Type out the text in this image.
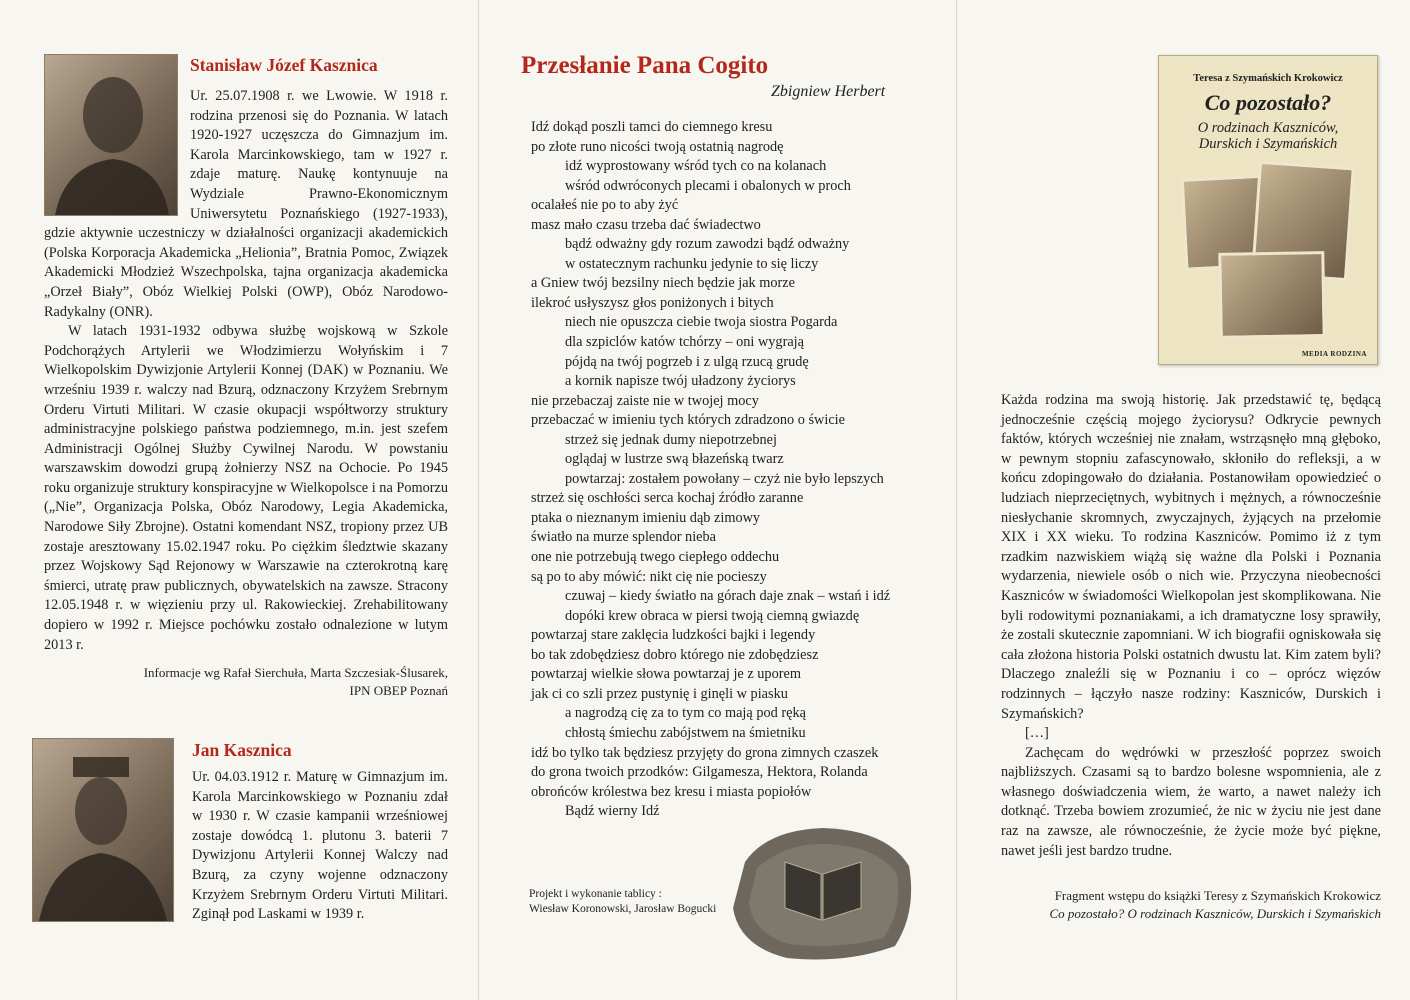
Stanisław Józef Kasznica

Ur. 25.07.1908 r. we Lwowie. W 1918 r. rodzina przenosi się do Poznania. W latach 1920-1927 uczęszcza do Gimnazjum im. Karola Marcinkowskiego, tam w 1927 r. zdaje maturę. Naukę kontynuuje na Wydziale Prawno-Ekonomicznym Uniwersytetu Poznańskiego (1927-1933), gdzie aktywnie uczestniczy w działalności organizacji akademickich (Polska Korporacja Akademicka „Helionia”, Bratnia Pomoc, Związek Akademicki Młodzież Wszechpolska, tajna organizacja akademicka „Orzeł Biały”, Obóz Wielkiej Polski (OWP), Obóz Narodowo-Radykalny (ONR).

W latach 1931-1932 odbywa służbę wojskową w Szkole Podchorążych Artylerii we Włodzimierzu Wołyńskim i 7 Wielkopolskim Dywizjonie Artylerii Konnej (DAK) w Poznaniu. We wrześniu 1939 r. walczy nad Bzurą, odznaczony Krzyżem Srebrnym Orderu Virtuti Militari. W czasie okupacji współtworzy struktury administracyjne polskiego państwa podziemnego, m.in. jest szefem Administracji Ogólnej Służby Cywilnej Narodu. W powstaniu warszawskim dowodzi grupą żołnierzy NSZ na Ochocie. Po 1945 roku organizuje struktury konspiracyjne w Wielkopolsce i na Pomorzu („Nie”, Organizacja Polska, Obóz Narodowy, Legia Akademicka, Narodowe Siły Zbrojne). Ostatni komendant NSZ, tropiony przez UB zostaje aresztowany 15.02.1947 roku. Po ciężkim śledztwie skazany przez Wojskowy Sąd Rejonowy w Warszawie na czterokrotną karę śmierci, utratę praw publicznych, obywatelskich na zawsze. Stracony 12.05.1948 r. w więzieniu przy ul. Rakowieckiej. Zrehabilitowany dopiero w 1992 r. Miejsce pochówku zostało odnalezione w lutym 2013 r.

Informacje wg Rafał Sierchuła, Marta Szczesiak-Ślusarek,
IPN OBEP Poznań
Jan Kasznica

Ur. 04.03.1912 r. Maturę w Gimnazjum im. Karola Marcinkowskiego w Poznaniu zdał w 1930 r. W czasie kampanii wrześniowej zostaje dowódcą 1. plutonu 3. baterii 7 Dywizjonu Artylerii Konnej Walczy nad Bzurą, za czyny wojenne odznaczony Krzyżem Srebrnym Orderu Virtuti Militari. Zginął pod Laskami w 1939 r.

Przesłanie Pana Cogito
Zbigniew Herbert
Idź dokąd poszli tamci do ciemnego kresu
po złote runo nicości twoją ostatnią nagrodę
idź wyprostowany wśród tych co na kolanach
wśród odwróconych plecami i obalonych w proch
ocalałeś nie po to aby żyć
masz mało czasu trzeba dać świadectwo
bądź odważny gdy rozum zawodzi bądź odważny
w ostatecznym rachunku jedynie to się liczy
a Gniew twój bezsilny niech będzie jak morze
ilekroć usłyszysz głos poniżonych i bitych
niech nie opuszcza ciebie twoja siostra Pogarda
dla szpiclów katów tchórzy – oni wygrają
pójdą na twój pogrzeb i z ulgą rzucą grudę
a kornik napisze twój uładzony życiorys
nie przebaczaj zaiste nie w twojej mocy
przebaczać w imieniu tych których zdradzono o świcie
strzeż się jednak dumy niepotrzebnej
oglądaj w lustrze swą błazeńską twarz
powtarzaj: zostałem powołany – czyż nie było lepszych
strzeż się oschłości serca kochaj źródło zaranne
ptaka o nieznanym imieniu dąb zimowy
światło na murze splendor nieba
one nie potrzebują twego ciepłego oddechu
są po to aby mówić: nikt cię nie pocieszy
czuwaj – kiedy światło na górach daje znak – wstań i idź
dopóki krew obraca w piersi twoją ciemną gwiazdę
powtarzaj stare zaklęcia ludzkości bajki i legendy
bo tak zdobędziesz dobro którego nie zdobędziesz
powtarzaj wielkie słowa powtarzaj je z uporem
jak ci co szli przez pustynię i ginęli w piasku
a nagrodzą cię za to tym co mają pod ręką
chłostą śmiechu zabójstwem na śmietniku
idź bo tylko tak będziesz przyjęty do grona zimnych czaszek
do grona twoich przodków: Gilgamesza, Hektora, Rolanda
obrońców królestwa bez kresu i miasta popiołów
Bądź wierny Idź
Projekt i wykonanie tablicy :
Wiesław Koronowski, Jarosław Bogucki
Teresa z Szymańskich Krokowicz
Co pozostało?
O rodzinach Kaszniców,
Durskich i Szymańskich
MEDIA RODZINA

Każda rodzina ma swoją historię. Jak przedstawić tę, będącą jednocześnie częścią mojego życiorysu? Odkrycie pewnych faktów, których wcześniej nie znałam, wstrząsnęło mną głęboko, w pewnym stopniu zafascynowało, skłoniło do refleksji, a w końcu zdopingowało do działania. Postanowiłam opowiedzieć o ludziach nieprzeciętnych, wybitnych i mężnych, a równocześnie niesłychanie skromnych, zwyczajnych, żyjących na przełomie XIX i XX wieku. To rodzina Kaszniców. Pomimo iż z tym rzadkim nazwiskiem wiążą się ważne dla Polski i Poznania wydarzenia, niewiele osób o nich wie. Przyczyna nieobecności Kaszniców w świadomości Wielkopolan jest skomplikowana. Nie byli rodowitymi poznaniakami, a ich dramatyczne losy sprawiły, że zostali skutecznie zapomniani. W ich biografii ogniskowała się cała złożona historia Polski ostatnich dwustu lat. Kim zatem byli? Dlaczego znaleźli się w Poznaniu i co – oprócz więzów rodzinnych – łączyło nasze rodziny: Kaszniców, Durskich i Szymańskich?

[…]

Zachęcam do wędrówki w przeszłość poprzez swoich najbliższych. Czasami są to bardzo bolesne wspomnienia, ale z własnego doświadczenia wiem, że warto, a nawet należy ich dotknąć. Trzeba bowiem zrozumieć, że nic w życiu nie jest dane raz na zawsze, ale równocześnie, że życie może być piękne, nawet jeśli jest bardzo trudne.

Fragment wstępu do książki Teresy z Szymańskich Krokowicz
Co pozostało? O rodzinach Kaszniców, Durskich i Szymańskich
